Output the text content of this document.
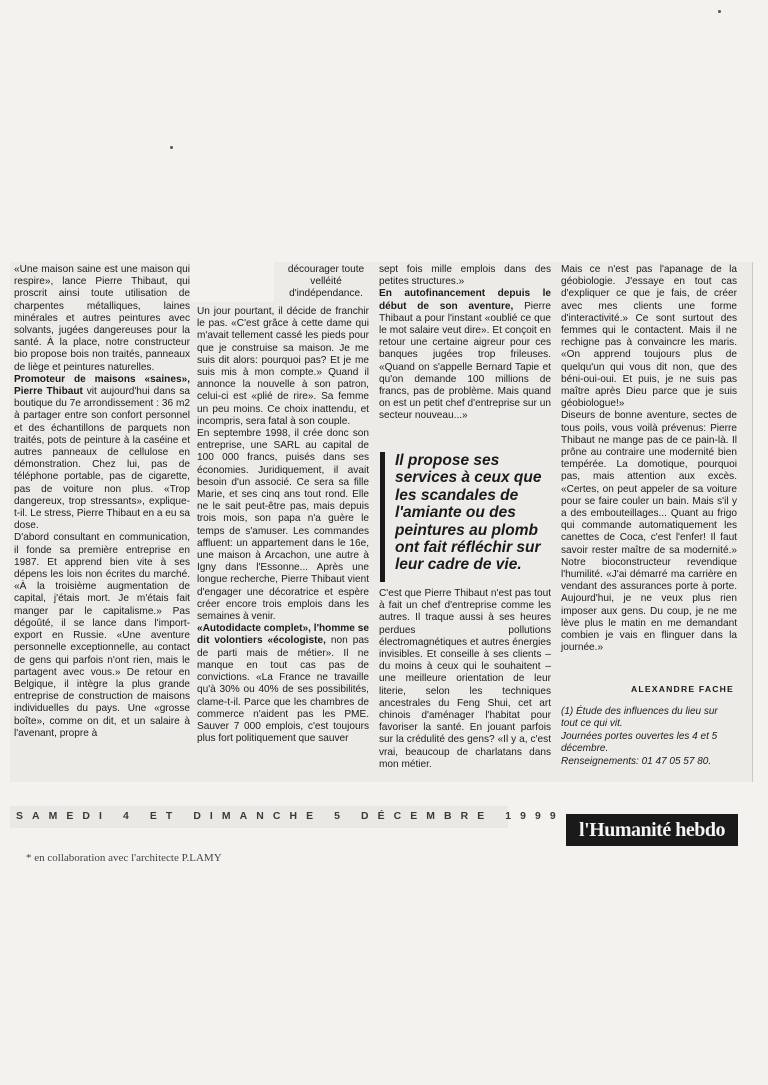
«Une maison saine est une maison qui respire», lance Pierre Thibaut, qui proscrit ainsi toute utilisation de charpentes métalliques, laines minérales et autres peintures avec solvants, jugées dangereuses pour la santé. À la place, notre constructeur bio propose bois non traités, panneaux de liège et peintures naturelles.

Promoteur de maisons «saines», Pierre Thibaut vit aujourd'hui dans sa boutique du 7e arrondissement : 36 m2 à partager entre son confort personnel et des échantillons de parquets non traités, pots de peinture à la caséine et autres panneaux de cellulose en démonstration. Chez lui, pas de téléphone portable, pas de cigarette, pas de voiture non plus. «Trop dangereux, trop stressants», explique-t-il. Le stress, Pierre Thibaut en a eu sa dose.

D'abord consultant en communication, il fonde sa première entreprise en 1987. Et apprend bien vite à ses dépens les lois non écrites du marché. «À la troisième augmentation de capital, j'étais mort. Je m'étais fait manger par le capitalisme.» Pas dégoûté, il se lance dans l'import-export en Russie. «Une aventure personnelle exceptionnelle, au contact de gens qui parfois n'ont rien, mais le partagent avec vous.» De retour en Belgique, il intègre la plus grande entreprise de construction de maisons individuelles du pays. Une «grosse boîte», comme on dit, et un salaire à l'avenant, propre à

décourager toute velléité d'indépendance.

Un jour pourtant, il décide de franchir le pas. «C'est grâce à cette dame qui m'avait tellement cassé les pieds pour que je construise sa maison. Je me suis dit alors: pourquoi pas? Et je me suis mis à mon compte.» Quand il annonce la nouvelle à son patron, celui-ci est «plié de rire». Sa femme un peu moins. Ce choix inattendu, et incompris, sera fatal à son couple.

En septembre 1998, il crée donc son entreprise, une SARL au capital de 100 000 francs, puisés dans ses économies. Juridiquement, il avait besoin d'un associé. Ce sera sa fille Marie, et ses cinq ans tout rond. Elle ne le sait peut-être pas, mais depuis trois mois, son papa n'a guère le temps de s'amuser. Les commandes affluent: un appartement dans le 16e, une maison à Arcachon, une autre à Igny dans l'Essonne... Après une longue recherche, Pierre Thibaut vient d'engager une décoratrice et espère créer encore trois emplois dans les semaines à venir.

«Autodidacte complet», l'homme se dit volontiers «écologiste, non pas de parti mais de métier». Il ne manque en tout cas pas de convictions. «La France ne travaille qu'à 30% ou 40% de ses possibilités, clame-t-il. Parce que les chambres de commerce n'aident pas les PME. Sauver 7 000 emplois, c'est toujours plus fort politiquement que sauver

sept fois mille emplois dans des petites structures.»

En autofinancement depuis le début de son aventure, Pierre Thibaut a pour l'instant «oublié ce que le mot salaire veut dire». Et conçoit en retour une certaine aigreur pour ces banques jugées trop frileuses. «Quand on s'appelle Bernard Tapie et qu'on demande 100 millions de francs, pas de problème. Mais quand on est un petit chef d'entreprise sur un secteur nouveau...»

Il propose ses services à ceux que les scandales de l'amiante ou des peintures au plomb ont fait réfléchir sur leur cadre de vie.

C'est que Pierre Thibaut n'est pas tout à fait un chef d'entreprise comme les autres. Il traque aussi à ses heures perdues pollutions électromagnétiques et autres énergies invisibles. Et conseille à ses clients – du moins à ceux qui le souhaitent – une meilleure orientation de leur literie, selon les techniques ancestrales du Feng Shui, cet art chinois d'aménager l'habitat pour favoriser la santé. En jouant parfois sur la crédulité des gens? «Il y a, c'est vrai, beaucoup de charlatans dans mon métier.

Mais ce n'est pas l'apanage de la géobiologie. J'essaye en tout cas d'expliquer ce que je fais, de créer avec mes clients une forme d'interactivité.» Ce sont surtout des femmes qui le contactent. Mais il ne rechigne pas à convaincre les maris. «On apprend toujours plus de quelqu'un qui vous dit non, que des béni-oui-oui. Et puis, je ne suis pas maître après Dieu parce que je suis géobiologue!»

Diseurs de bonne aventure, sectes de tous poils, vous voilà prévenus: Pierre Thibaut ne mange pas de ce pain-là. Il prône au contraire une modernité bien tempérée. La domotique, pourquoi pas, mais attention aux excès. «Certes, on peut appeler de sa voiture pour se faire couler un bain. Mais s'il y a des embouteillages... Quant au frigo qui commande automatiquement les canettes de Coca, c'est l'enfer! Il faut savoir rester maître de sa modernité.» Notre bioconstructeur revendique l'humilité. «J'ai démarré ma carrière en vendant des assurances porte à porte. Aujourd'hui, je ne veux plus rien imposer aux gens. Du coup, je ne me lève plus le matin en me demandant combien je vais en flinguer dans la journée.»

ALEXANDRE FACHE
(1) Étude des influences du lieu sur tout ce qui vit.
Journées portes ouvertes les 4 et 5 décembre.
Renseignements: 01 47 05 57 80.
SAMEDI 4 ET DIMANCHE 5 DÉCEMBRE 1999
l'Humanité hebdo
* en collaboration avec l'architecte P.LAMY
